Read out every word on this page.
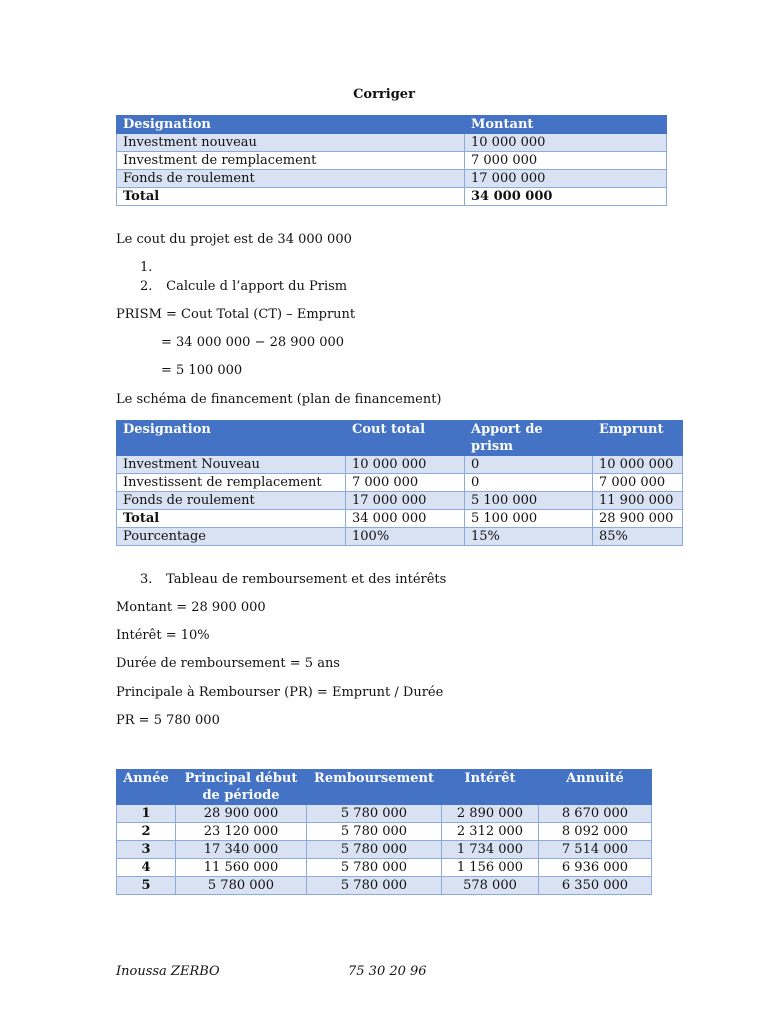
Corriger
Designation	Montant
Investment nouveau	10 000 000
Investment de remplacement	7 000 000
Fonds de roulement	17 000 000
Total	34 000 000
Le cout du projet est de 34 000 000
1.
2. Calcule d l’apport du Prism
PRISM = Cout Total (CT) – Emprunt
= 34 000 000 − 28 900 000
= 5 100 000
Le schéma de financement (plan de financement)
Designation	Cout total	Apport de prism	Emprunt
Investment Nouveau	10 000 000	0	10 000 000
Investissent de remplacement	7 000 000	0	7 000 000
Fonds de roulement	17 000 000	5 100 000	11 900 000
Total	34 000 000	5 100 000	28 900 000
Pourcentage	100%	15%	85%
3. Tableau de remboursement et des intérêts
Montant = 28 900 000
Intérêt = 10%
Durée de remboursement = 5 ans
Principale à Rembourser (PR) = Emprunt / Durée
PR = 5 780 000
Année	Principal début de période	Remboursement	Intérêt	Annuité
1	28 900 000	5 780 000	2 890 000	8 670 000
2	23 120 000	5 780 000	2 312 000	8 092 000
3	17 340 000	5 780 000	1 734 000	7 514 000
4	11 560 000	5 780 000	1 156 000	6 936 000
5	5 780 000	5 780 000	578 000	6 350 000
Inoussa ZERBO	75 30 20 96
